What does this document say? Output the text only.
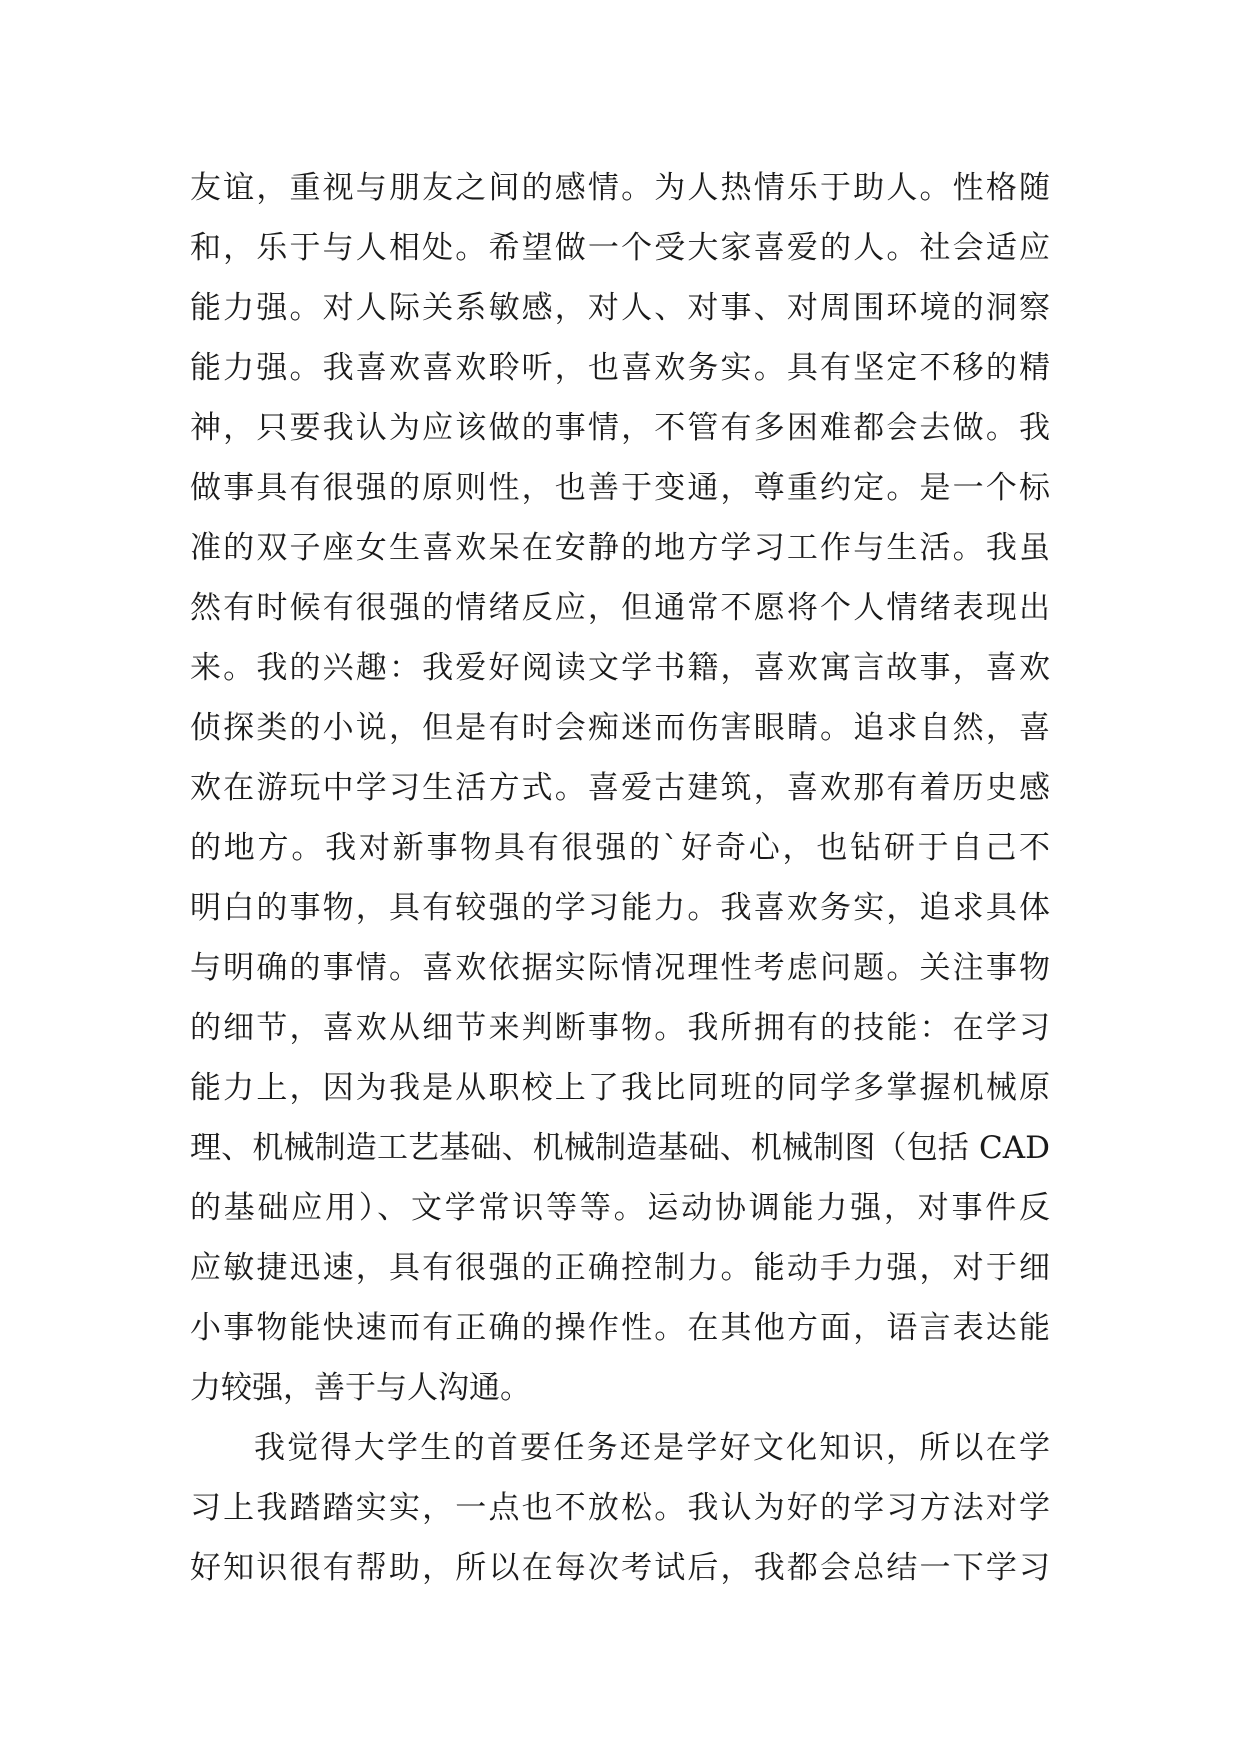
友谊，重视与朋友之间的感情。为人热情乐于助人。性格随
和，乐于与人相处。希望做一个受大家喜爱的人。社会适应
能力强。对人际关系敏感，对人、对事、对周围环境的洞察
能力强。我喜欢喜欢聆听，也喜欢务实。具有坚定不移的精
神，只要我认为应该做的事情，不管有多困难都会去做。我
做事具有很强的原则性，也善于变通，尊重约定。是一个标
准的双子座女生喜欢呆在安静的地方学习工作与生活。我虽
然有时候有很强的情绪反应，但通常不愿将个人情绪表现出
来。我的兴趣：我爱好阅读文学书籍，喜欢寓言故事，喜欢
侦探类的小说，但是有时会痴迷而伤害眼睛。追求自然，喜
欢在游玩中学习生活方式。喜爱古建筑，喜欢那有着历史感
的地方。我对新事物具有很强的`好奇心，也钻研于自己不
明白的事物，具有较强的学习能力。我喜欢务实，追求具体
与明确的事情。喜欢依据实际情况理性考虑问题。关注事物
的细节，喜欢从细节来判断事物。我所拥有的技能：在学习
能力上，因为我是从职校上了我比同班的同学多掌握机械原
理、机械制造工艺基础、机械制造基础、机械制图（包括 CAD
的基础应用）、文学常识等等。运动协调能力强，对事件反
应敏捷迅速，具有很强的正确控制力。能动手力强，对于细
小事物能快速而有正确的操作性。在其他方面，语言表达能
力较强，善于与人沟通。
我觉得大学生的首要任务还是学好文化知识，所以在学
习上我踏踏实实，一点也不放松。我认为好的学习方法对学
好知识很有帮助，所以在每次考试后，我都会总结一下学习
